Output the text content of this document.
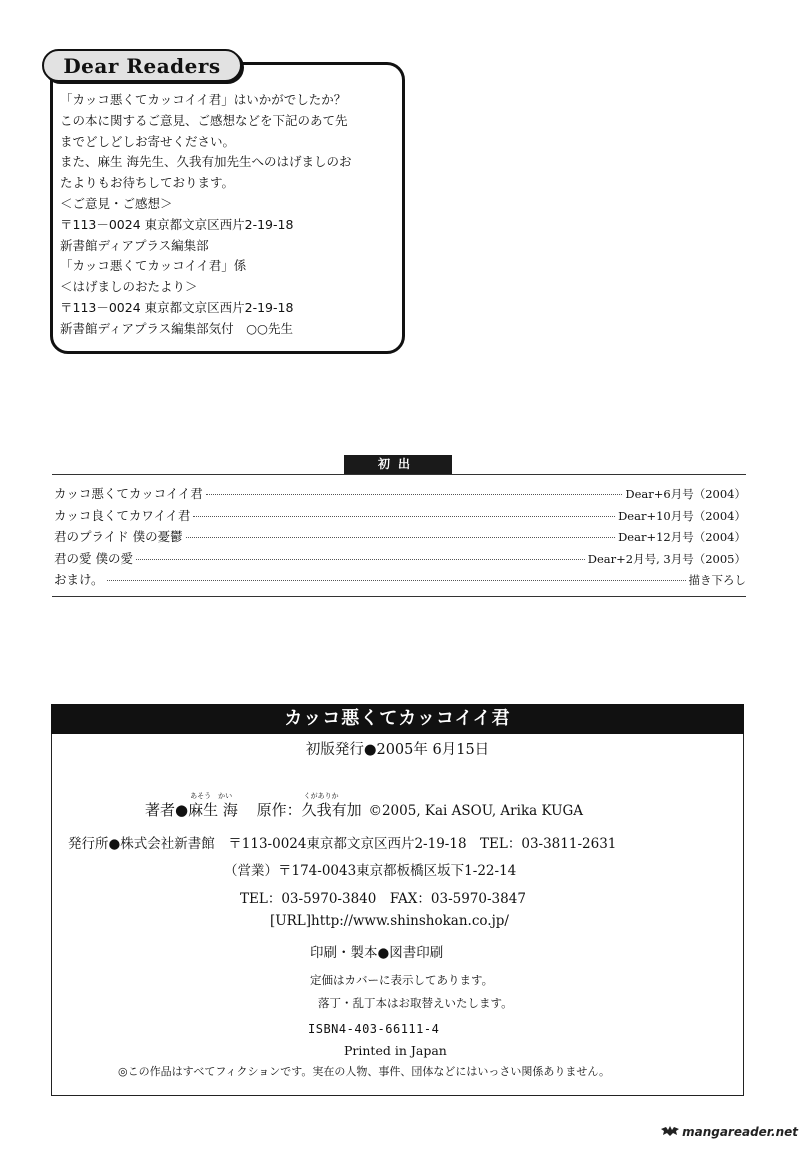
Dear Readers
「カッコ悪くてカッコイイ君」はいかがでしたか？
この本に関するご意見、ご感想などを下記のあて先
までどしどしお寄せください。
また、麻生 海先生、久我有加先生へのはげましのお
たよりもお待ちしております。
＜ご意見・ご感想＞
〒113－0024 東京都文京区西片2-19-18
新書館ディアプラス編集部
「カッコ悪くてカッコイイ君」係
＜はげましのおたより＞
〒113－0024 東京都文京区西片2-19-18
新書館ディアプラス編集部気付　○○先生
初出
カッコ悪くてカッコイイ君	Dear+6月号（2004）
カッコ良くてカワイイ君	Dear+10月号（2004）
君のプライド 僕の憂鬱	Dear+12月号（2004）
君の愛 僕の愛	Dear+2月号, 3月号（2005）
おまけ。	描き下ろし
カッコ悪くてカッコイイ君
初版発行●2005年 6月15日
著者●
あそう　かい
麻生 海 原作：
くがありか
久我有加 ©2005, Kai ASOU, Arika KUGA
発行所●株式会社新書館　〒113-0024東京都文京区西片2-19-18　TEL：03-3811-2631
（営業）〒174-0043東京都板橋区坂下1-22-14
TEL：03-5970-3840　FAX：03-5970-3847
[URL]http://www.shinshokan.co.jp/
印刷・製本●図書印刷
定価はカバーに表示してあります。
落丁・乱丁本はお取替えいたします。
ISBN4-403-66111-4
Printed in Japan
◎この作品はすべてフィクションです。実在の人物、事件、団体などにはいっさい関係ありません。
mangareader.net
